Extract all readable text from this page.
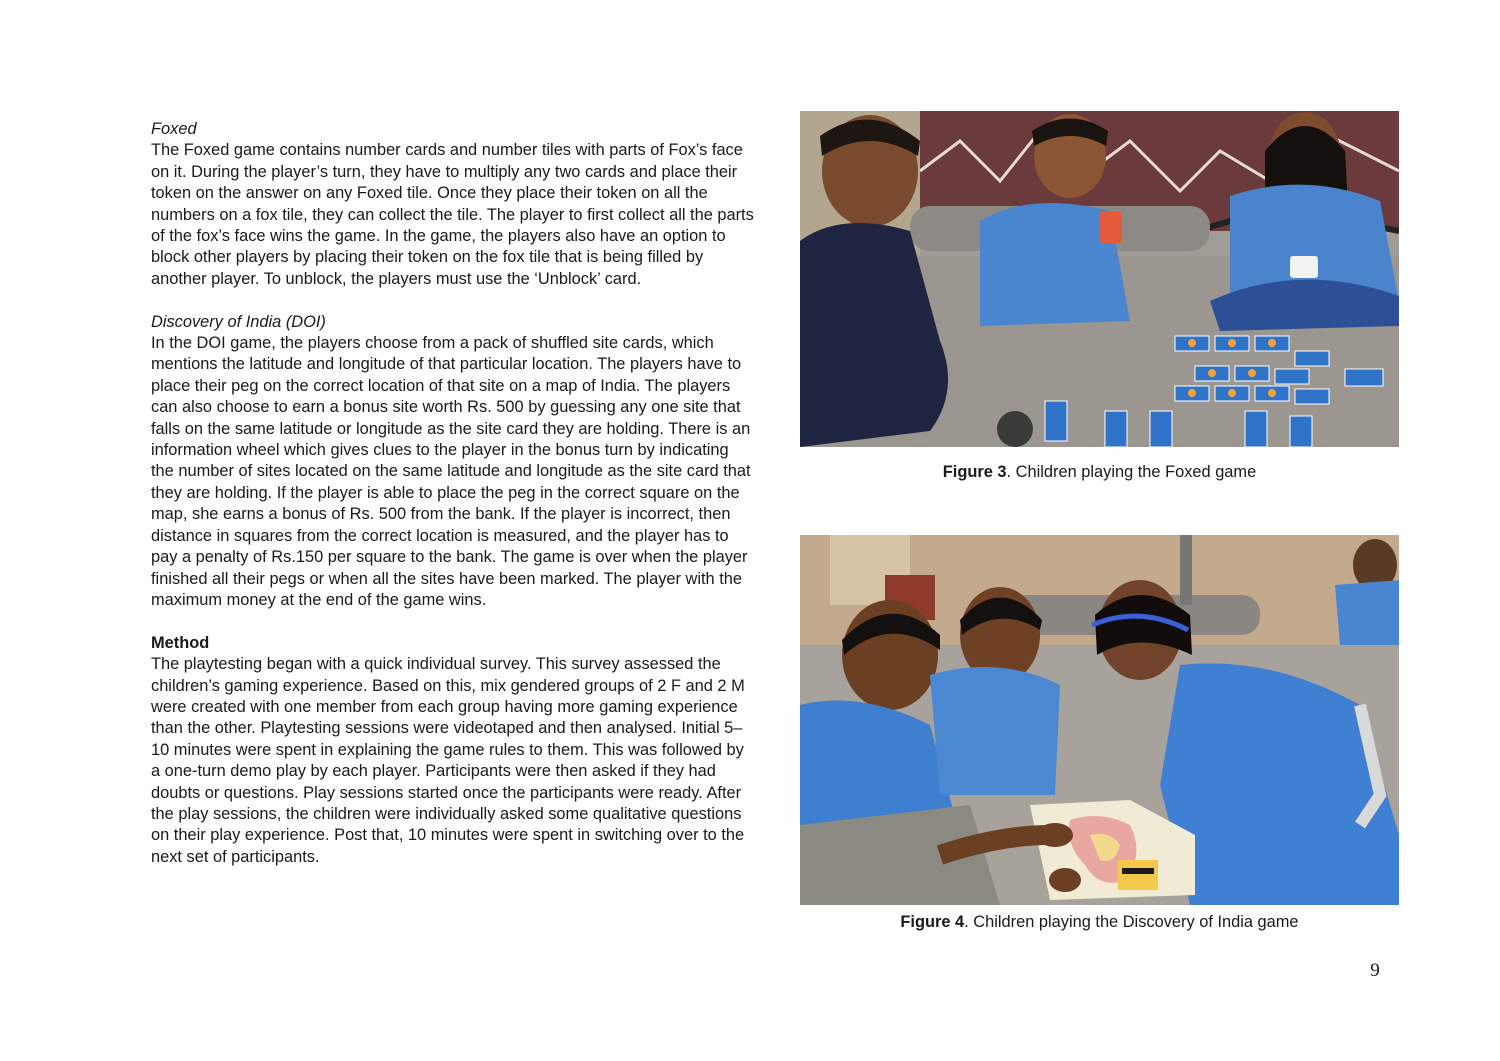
Foxed

The Foxed game contains number cards and number tiles with parts of Fox’s face on it. During the player’s turn, they have to multiply any two cards and place their token on the answer on any Foxed tile. Once they place their token on all the numbers on a fox tile, they can collect the tile. The player to first collect all the parts of the fox’s face wins the game. In the game, the players also have an option to block other players by placing their token on the fox tile that is being filled by another player. To unblock, the players must use the ‘Unblock’ card.

Discovery of India (DOI)

In the DOI game, the players choose from a pack of shuffled site cards, which mentions the latitude and longitude of that particular location. The players have to place their peg on the correct location of that site on a map of India. The players can also choose to earn a bonus site worth Rs. 500 by guessing any one site that falls on the same latitude or longitude as the site card they are holding. There is an information wheel which gives clues to the player in the bonus turn by indicating the number of sites located on the same latitude and longitude as the site card that they are holding. If the player is able to place the peg in the correct square on the map, she earns a bonus of Rs. 500 from the bank. If the player is incorrect, then distance in squares from the correct location is measured, and the player has to pay a penalty of Rs.150 per square to the bank. The game is over when the player finished all their pegs or when all the sites have been marked. The player with the maximum money at the end of the game wins.

Method

The playtesting began with a quick individual survey. This survey assessed the children’s gaming experience. Based on this, mix gendered groups of 2 F and 2 M were created with one member from each group having more gaming experience than the other. Playtesting sessions were videotaped and then analysed. Initial 5–10 minutes were spent in explaining the game rules to them. This was followed by a one-turn demo play by each player. Participants were then asked if they had doubts or questions. Play sessions started once the participants were ready. After the play sessions, the children were individually asked some qualitative questions on their play experience. Post that, 10 minutes were spent in switching over to the next set of participants.

Figure 3. Children playing the Foxed game
Figure 4. Children playing the Discovery of India game
9
